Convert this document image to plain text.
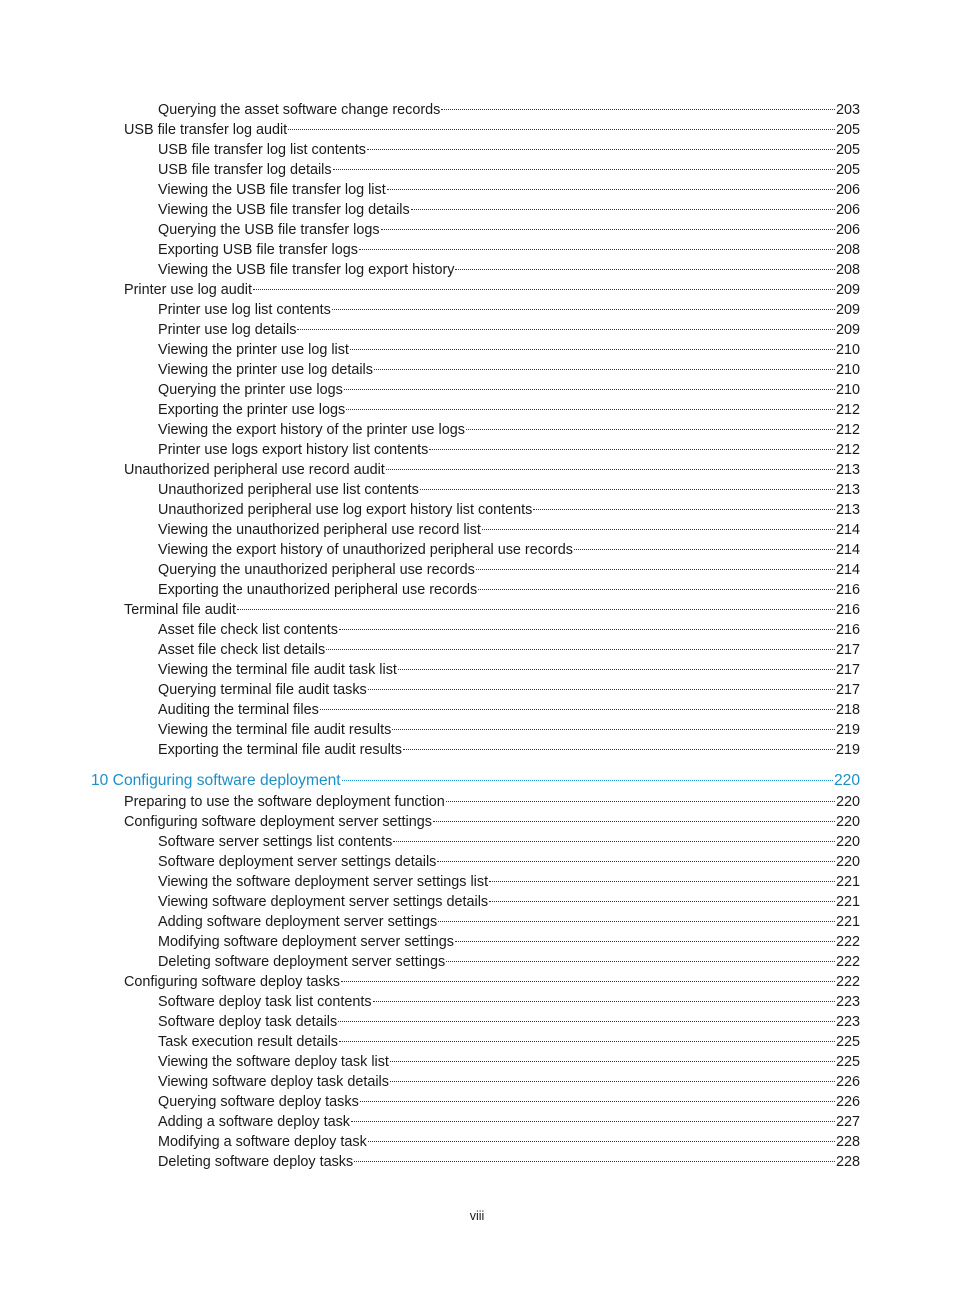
Querying the asset software change records	203
USB file transfer log audit	205
USB file transfer log list contents	205
USB file transfer log details	205
Viewing the USB file transfer log list	206
Viewing the USB file transfer log details	206
Querying the USB file transfer logs	206
Exporting USB file transfer logs	208
Viewing the USB file transfer log export history	208
Printer use log audit	209
Printer use log list contents	209
Printer use log details	209
Viewing the printer use log list	210
Viewing the printer use log details	210
Querying the printer use logs	210
Exporting the printer use logs	212
Viewing the export history of the printer use logs	212
Printer use logs export history list contents	212
Unauthorized peripheral use record audit	213
Unauthorized peripheral use list contents	213
Unauthorized peripheral use log export history list contents	213
Viewing the unauthorized peripheral use record list	214
Viewing the export history of unauthorized peripheral use records	214
Querying the unauthorized peripheral use records	214
Exporting the unauthorized peripheral use records	216
Terminal file audit	216
Asset file check list contents	216
Asset file check list details	217
Viewing the terminal file audit task list	217
Querying terminal file audit tasks	217
Auditing the terminal files	218
Viewing the terminal file audit results	219
Exporting the terminal file audit results	219
10 Configuring software deployment	220
Preparing to use the software deployment function	220
Configuring software deployment server settings	220
Software server settings list contents	220
Software deployment server settings details	220
Viewing the software deployment server settings list	221
Viewing software deployment server settings details	221
Adding software deployment server settings	221
Modifying software deployment server settings	222
Deleting software deployment server settings	222
Configuring software deploy tasks	222
Software deploy task list contents	223
Software deploy task details	223
Task execution result details	225
Viewing the software deploy task list	225
Viewing software deploy task details	226
Querying software deploy tasks	226
Adding a software deploy task	227
Modifying a software deploy task	228
Deleting software deploy tasks	228
viii
